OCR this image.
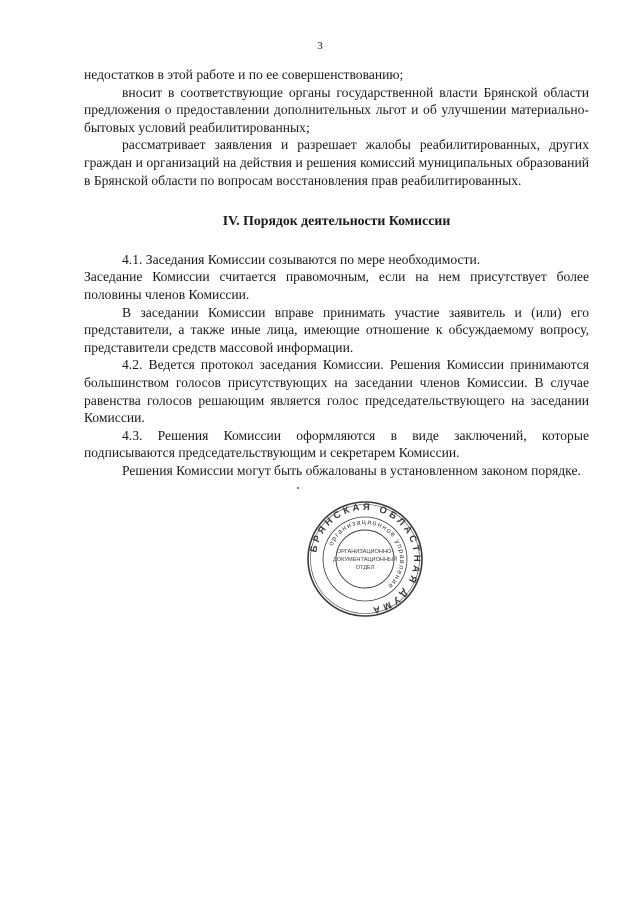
3

недостатков в этой работе и по ее совершенствованию;

вносит в соответствующие органы государственной власти Брянской области предложения о предоставлении дополнительных льгот и об улучшении материально-бытовых условий реабилитированных;

рассматривает заявления и разрешает жалобы реабилитированных, других граждан и организаций на действия и решения комиссий муниципальных образований в Брянской области по вопросам восстановления прав реабилитированных.

IV. Порядок деятельности Комиссии

4.1. Заседания Комиссии созываются по мере необходимости.

Заседание Комиссии считается правомочным, если на нем присутствует более половины членов Комиссии.

В заседании Комиссии вправе принимать участие заявитель и (или) его представители, а также иные лица, имеющие отношение к обсуждаемому вопросу, представители средств массовой информации.

4.2. Ведется протокол заседания Комиссии. Решения Комиссии принимаются большинством голосов присутствующих на заседании членов Комиссии. В случае равенства голосов решающим является голос председательствующего на заседании Комиссии.

4.3. Решения Комиссии оформляются в виде заключений, которые подписываются председательствующим и секретарем Комиссии.

Решения Комиссии могут быть обжалованы в установленном законом порядке.

БРЯНСКАЯ ОБЛАСТНАЯ ДУМА
организационное управление
ОРГАНИЗАЦИОННО-
ДОКУМЕНТАЦИОННЫЙ
ОТДЕЛ
